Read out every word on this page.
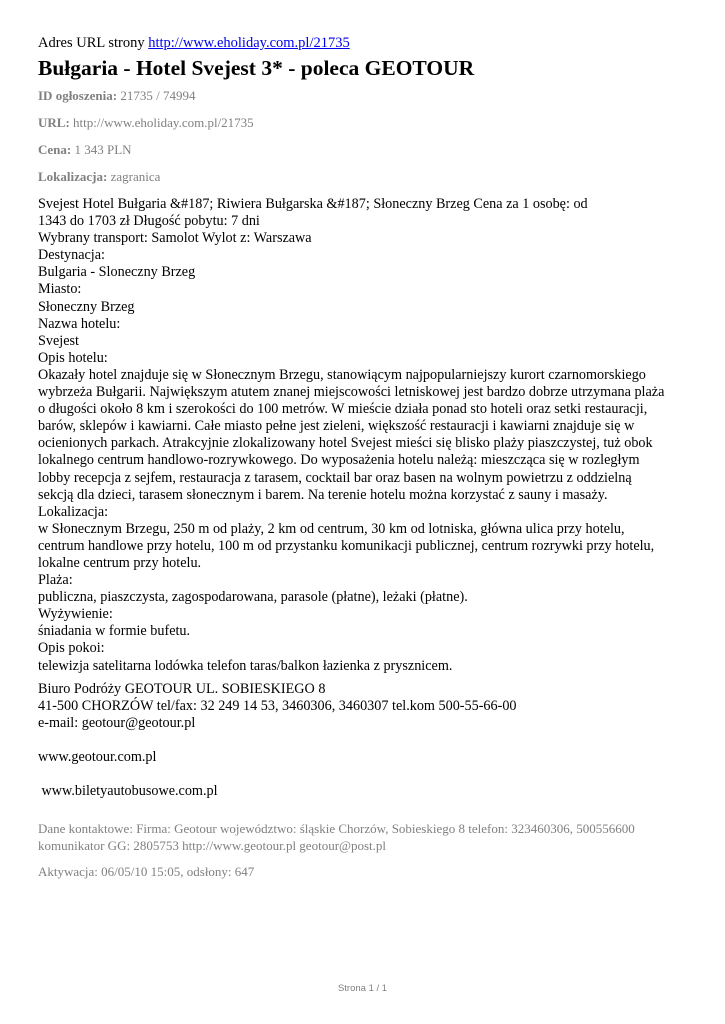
Adres URL strony http://www.eholiday.com.pl/21735
Bułgaria - Hotel Svejest 3* - poleca GEOTOUR
ID ogłoszenia: 21735 / 74994
URL: http://www.eholiday.com.pl/21735
Cena: 1 343 PLN
Lokalizacja: zagranica
Svejest Hotel Bułgaria &#187; Riwiera Bułgarska &#187; Słoneczny Brzeg Cena za 1 osobę: od
1343 do 1703 zł Długość pobytu: 7 dni
Wybrany transport: Samolot Wylot z: Warszawa
Destynacja:
Bulgaria - Sloneczny Brzeg
Miasto:
Słoneczny Brzeg
Nazwa hotelu:
Svejest
Opis hotelu:
Okazały hotel znajduje się w Słonecznym Brzegu, stanowiącym najpopularniejszy kurort czarnomorskiego
wybrzeża Bułgarii. Największym atutem znanej miejscowości letniskowej jest bardzo dobrze utrzymana plaża
o długości około 8 km i szerokości do 100 metrów. W mieście działa ponad sto hoteli oraz setki restauracji,
barów, sklepów i kawiarni. Całe miasto pełne jest zieleni, większość restauracji i kawiarni znajduje się w
ocienionych parkach. Atrakcyjnie zlokalizowany hotel Svejest mieści się blisko plaży piaszczystej, tuż obok
lokalnego centrum handlowo-rozrywkowego. Do wyposażenia hotelu należą: mieszcząca się w rozległym
lobby recepcja z sejfem, restauracja z tarasem, cocktail bar oraz basen na wolnym powietrzu z oddzielną
sekcją dla dzieci, tarasem słonecznym i barem. Na terenie hotelu można korzystać z sauny i masaży.
Lokalizacja:
w Słonecznym Brzegu, 250 m od plaży, 2 km od centrum, 30 km od lotniska, główna ulica przy hotelu,
centrum handlowe przy hotelu, 100 m od przystanku komunikacji publicznej, centrum rozrywki przy hotelu,
lokalne centrum przy hotelu.
Plaża:
publiczna, piaszczysta, zagospodarowana, parasole (płatne), leżaki (płatne).
Wyżywienie:
śniadania w formie bufetu.
Opis pokoi:
telewizja satelitarna lodówka telefon taras/balkon łazienka z prysznicem.
Biuro Podróży GEOTOUR UL. SOBIESKIEGO 8
41-500 CHORZÓW tel/fax: 32 249 14 53, 3460306, 3460307 tel.kom 500-55-66-00
e-mail: geotour@geotour.pl
www.geotour.com.pl
www.biletyautobusowe.com.pl
Dane kontaktowe: Firma: Geotour województwo: śląskie Chorzów, Sobieskiego 8 telefon: 323460306, 500556600
komunikator GG: 2805753 http://www.geotour.pl geotour@post.pl
Aktywacja: 06/05/10 15:05, odsłony: 647
Strona 1 / 1
